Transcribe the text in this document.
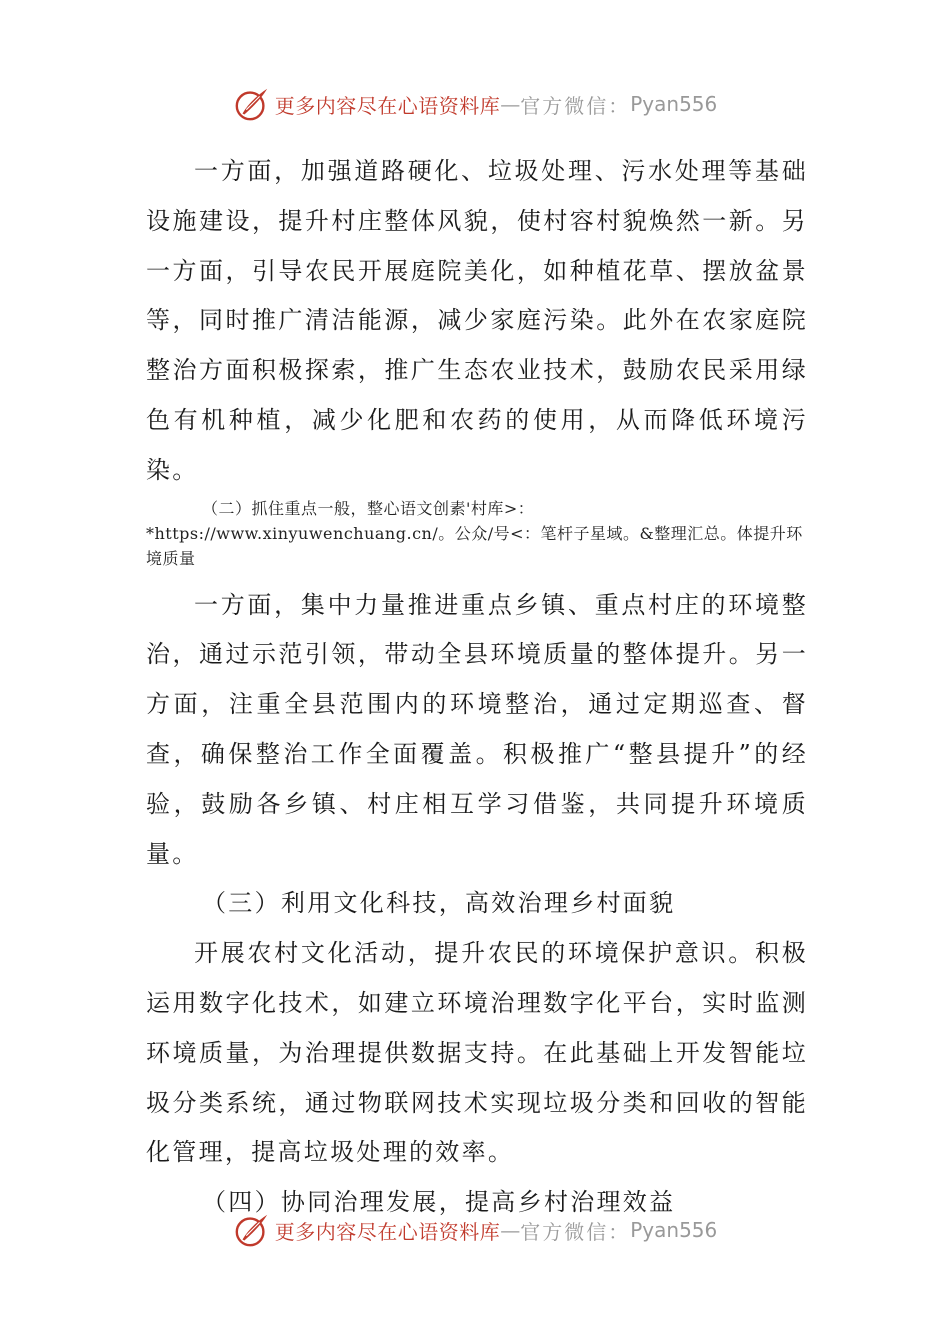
更多内容尽在心语资料库 — 官方微信： Pyan556

一方面，加强道路硬化、垃圾处理、污水处理等基础设施建设，提升村庄整体风貌，使村容村貌焕然一新。另一方面，引导农民开展庭院美化，如种植花草、摆放盆景等，同时推广清洁能源，减少家庭污染。此外在农家庭院整治方面积极探索，推广生态农业技术，鼓励农民采用绿色有机种植，减少化肥和农药的使用，从而降低环境污染。

（二）抓住重点一般，整心语文创素'村库>：*https://www.xinyuwenchuang.cn/。公众/号<：笔杆子星域。&整理汇总。体提升环境质量

一方面，集中力量推进重点乡镇、重点村庄的环境整治，通过示范引领，带动全县环境质量的整体提升。另一方面，注重全县范围内的环境整治，通过定期巡查、督查，确保整治工作全面覆盖。积极推广“整县提升”的经验，鼓励各乡镇、村庄相互学习借鉴，共同提升环境质量。

（三）利用文化科技，高效治理乡村面貌

开展农村文化活动，提升农民的环境保护意识。积极运用数字化技术，如建立环境治理数字化平台，实时监测环境质量，为治理提供数据支持。在此基础上开发智能垃圾分类系统，通过物联网技术实现垃圾分类和回收的智能化管理，提高垃圾处理的效率。

（四）协同治理发展，提高乡村治理效益

更多内容尽在心语资料库 — 官方微信： Pyan556
